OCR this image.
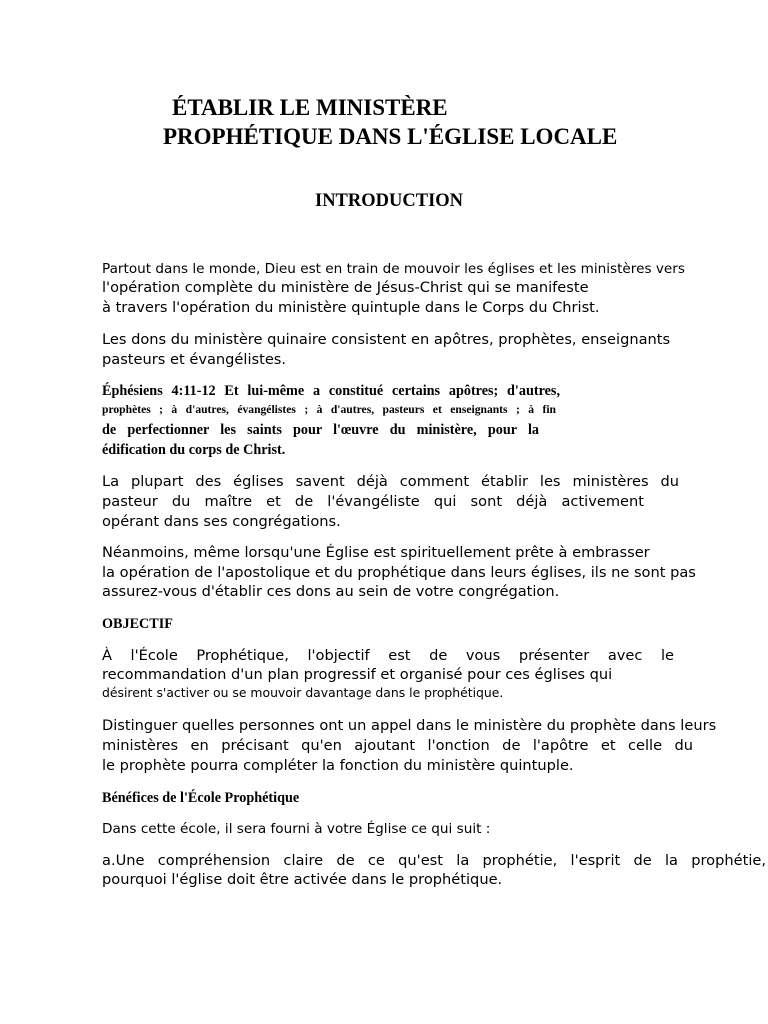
ÉTABLIR LE MINISTÈRE
PROPHÉTIQUE DANS L'ÉGLISE LOCALE
INTRODUCTION
Partout dans le monde, Dieu est en train de mouvoir les églises et les ministères vers
l'opération complète du ministère de Jésus-Christ qui se manifeste
à travers l'opération du ministère quintuple dans le Corps du Christ.
Les dons du ministère quinaire consistent en apôtres, prophètes, enseignants
pasteurs et évangélistes.
Éphésiens 4:11-12 Et lui-même a constitué certains apôtres; d'autres,
prophètes ; à d'autres, évangélistes ; à d'autres, pasteurs et enseignants ; à fin
de perfectionner les saints pour l'œuvre du ministère, pour la
édification du corps de Christ.
La plupart des églises savent déjà comment établir les ministères du
pasteur du maître et de l'évangéliste qui sont déjà activement
opérant dans ses congrégations.
Néanmoins, même lorsqu'une Église est spirituellement prête à embrasser
la opération de l'apostolique et du prophétique dans leurs églises, ils ne sont pas
assurez-vous d'établir ces dons au sein de votre congrégation.
OBJECTIF
À l'École Prophétique, l'objectif est de vous présenter avec le
recommandation d'un plan progressif et organisé pour ces églises qui
désirent s'activer ou se mouvoir davantage dans le prophétique.
Distinguer quelles personnes ont un appel dans le ministère du prophète dans leurs
ministères en précisant qu'en ajoutant l'onction de l'apôtre et celle du
le prophète pourra compléter la fonction du ministère quintuple.
Bénéfices de l'École Prophétique
Dans cette école, il sera fourni à votre Église ce qui suit :
a.Une compréhension claire de ce qu'est la prophétie, l'esprit de la prophétie,
pourquoi l'église doit être activée dans le prophétique.
